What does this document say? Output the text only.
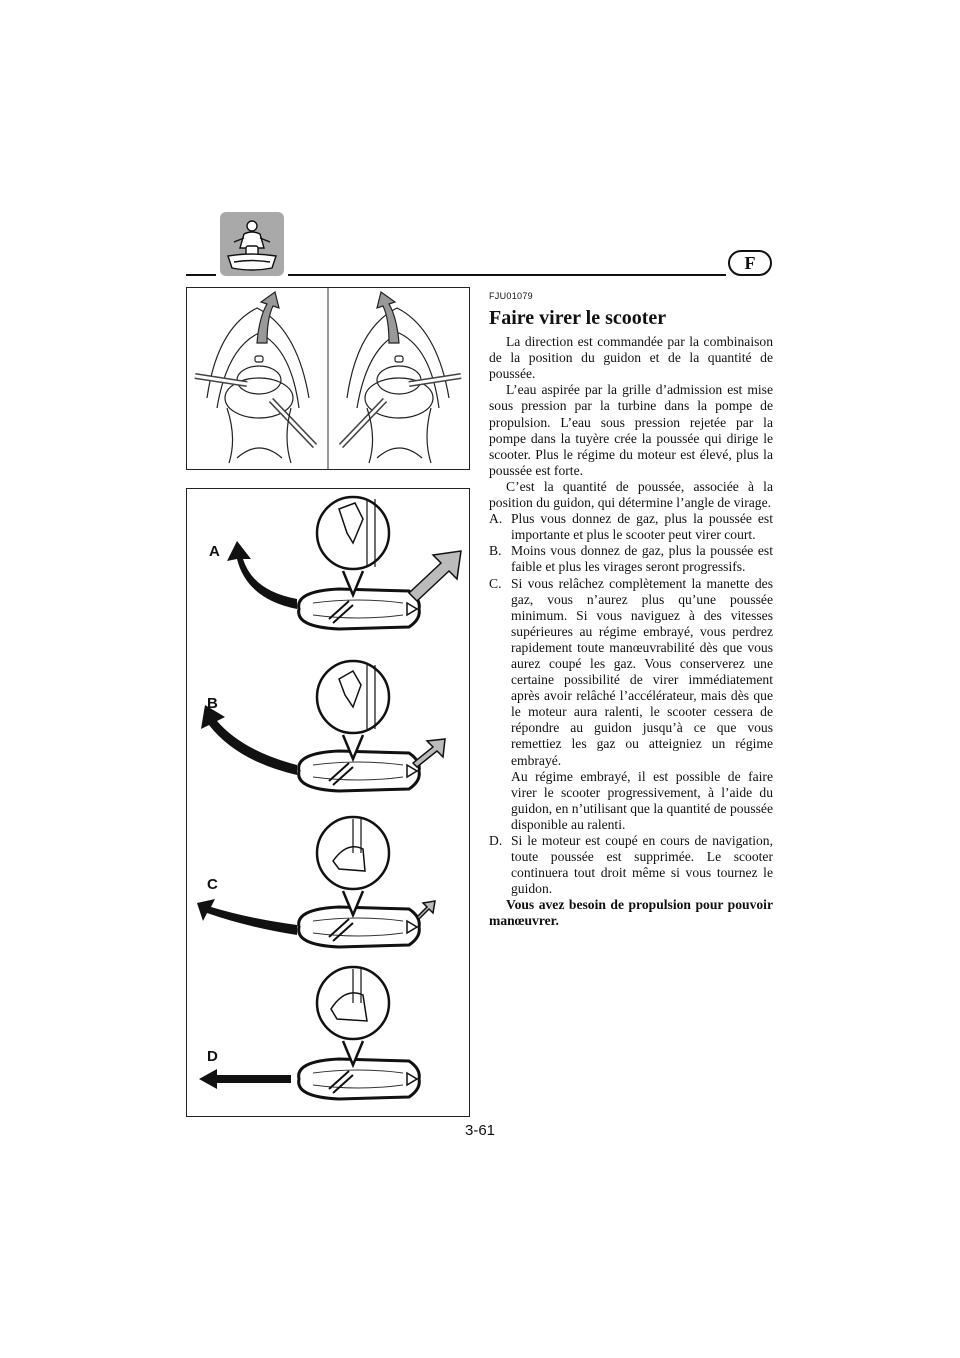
F
A
B
C
D
FJU01079
Faire virer le scooter

La direction est commandée par la combinaison de la position du guidon et de la quantité de poussée.

L’eau aspirée par la grille d’admission est mise sous pression par la turbine dans la pompe de propulsion. L’eau sous pression rejetée par la pompe dans la tuyère crée la poussée qui dirige le scooter. Plus le régime du moteur est élevé, plus la poussée est forte.

C’est la quantité de poussée, associée à la position du guidon, qui détermine l’angle de virage.

A. Plus vous donnez de gaz, plus la poussée est importante et plus le scooter peut virer court.

B. Moins vous donnez de gaz, plus la poussée est faible et plus les virages seront progressifs.

C. Si vous relâchez complètement la manette des gaz, vous n’aurez plus qu’une poussée minimum. Si vous naviguez à des vitesses supérieures au régime embrayé, vous perdrez rapidement toute manœuvrabilité dès que vous aurez coupé les gaz. Vous conserverez une certaine possibilité de virer immédiatement après avoir relâché l’accélérateur, mais dès que le moteur aura ralenti, le scooter cessera de répondre au guidon jusqu’à ce que vous remettiez les gaz ou atteigniez un régime embrayé.

Au régime embrayé, il est possible de faire virer le scooter progressivement, à l’aide du guidon, en n’utilisant que la quantité de poussée disponible au ralenti.

D. Si le moteur est coupé en cours de navigation, toute poussée est supprimée. Le scooter continuera tout droit même si vous tournez le guidon.

Vous avez besoin de propulsion pour pouvoir manœuvrer.

3-61
